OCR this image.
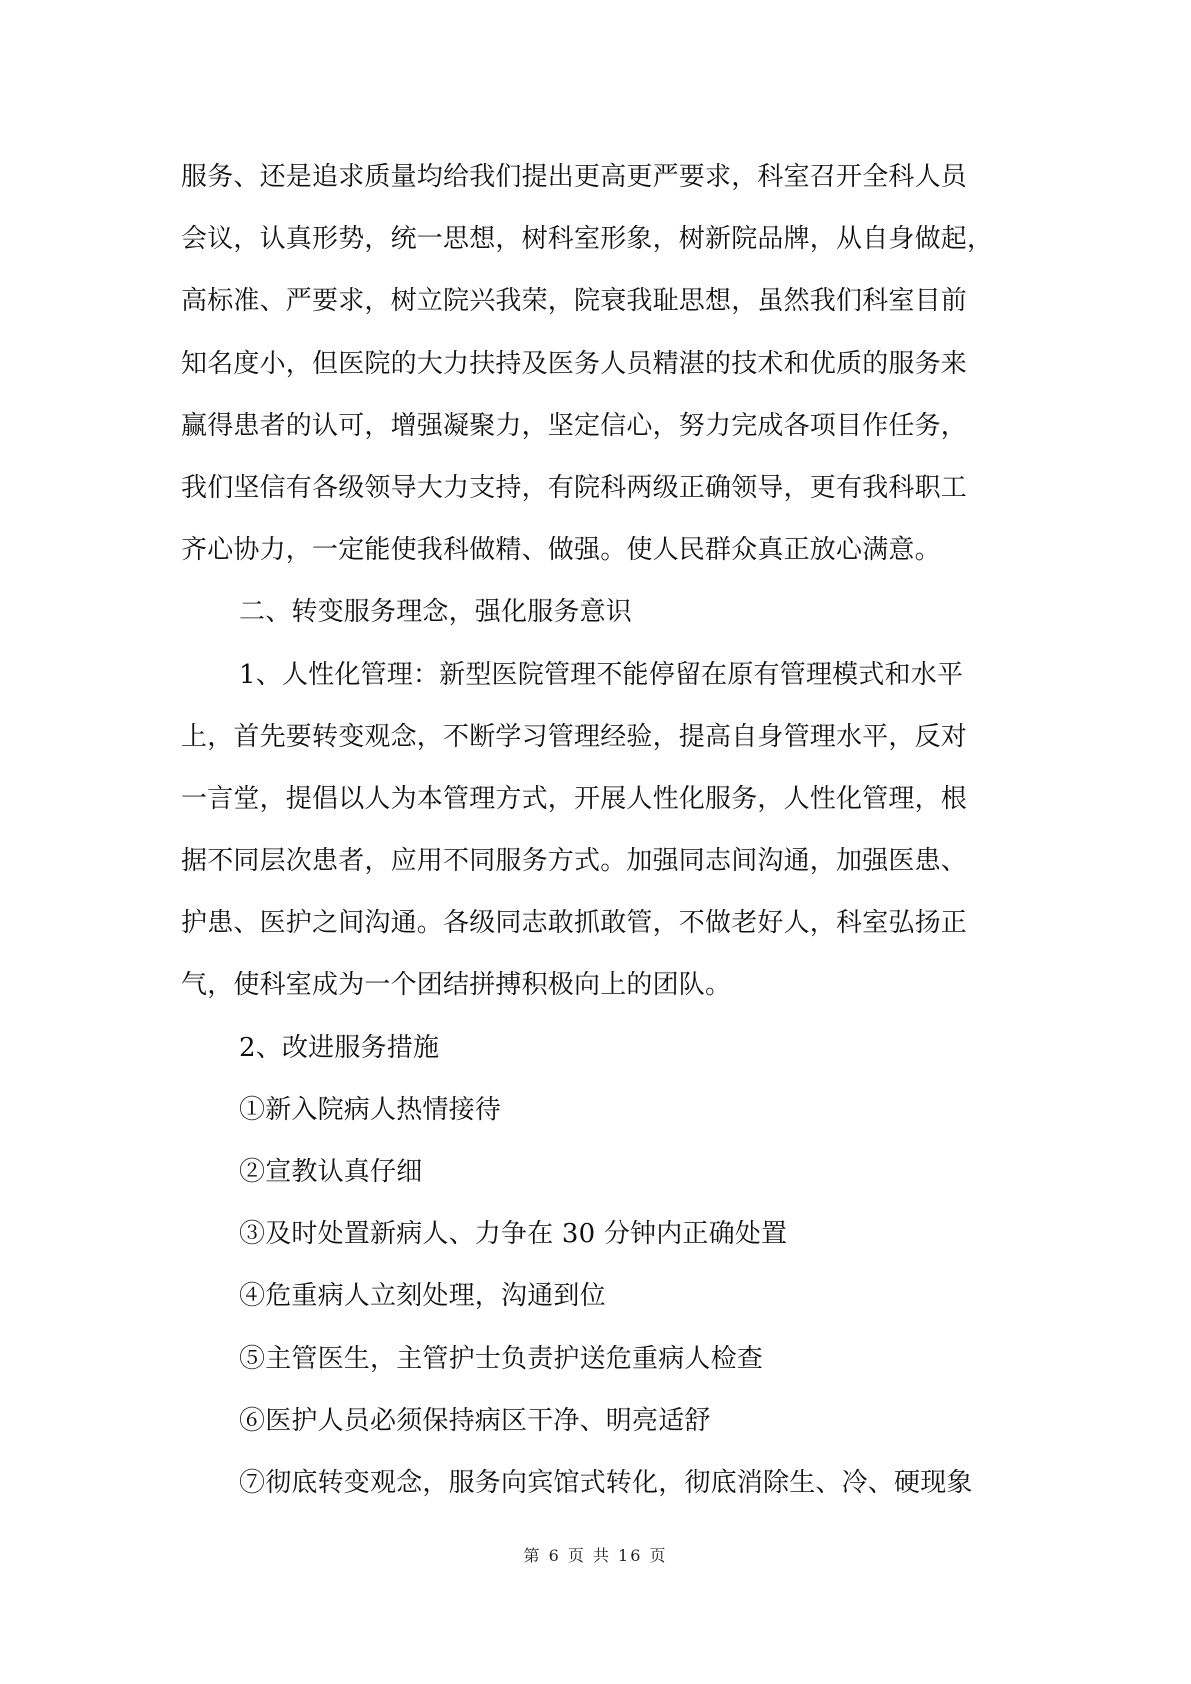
服务、还是追求质量均给我们提出更高更严要求，科室召开全科人员
会议，认真形势，统一思想，树科室形象，树新院品牌，从自身做起，
高标准、严要求，树立院兴我荣，院衰我耻思想，虽然我们科室目前
知名度小，但医院的大力扶持及医务人员精湛的技术和优质的服务来
赢得患者的认可，增强凝聚力，坚定信心，努力完成各项目作任务，
我们坚信有各级领导大力支持，有院科两级正确领导，更有我科职工
齐心协力，一定能使我科做精、做强。使人民群众真正放心满意。
二、转变服务理念，强化服务意识
1、人性化管理：新型医院管理不能停留在原有管理模式和水平
上，首先要转变观念，不断学习管理经验，提高自身管理水平，反对
一言堂，提倡以人为本管理方式，开展人性化服务，人性化管理，根
据不同层次患者，应用不同服务方式。加强同志间沟通，加强医患、
护患、医护之间沟通。各级同志敢抓敢管，不做老好人，科室弘扬正
气，使科室成为一个团结拼搏积极向上的团队。
2、改进服务措施
①新入院病人热情接待
②宣教认真仔细
③及时处置新病人、力争在 30 分钟内正确处置
④危重病人立刻处理，沟通到位
⑤主管医生，主管护士负责护送危重病人检查
⑥医护人员必须保持病区干净、明亮适舒
⑦彻底转变观念，服务向宾馆式转化，彻底消除生、冷、硬现象
第 6 页 共 16 页
